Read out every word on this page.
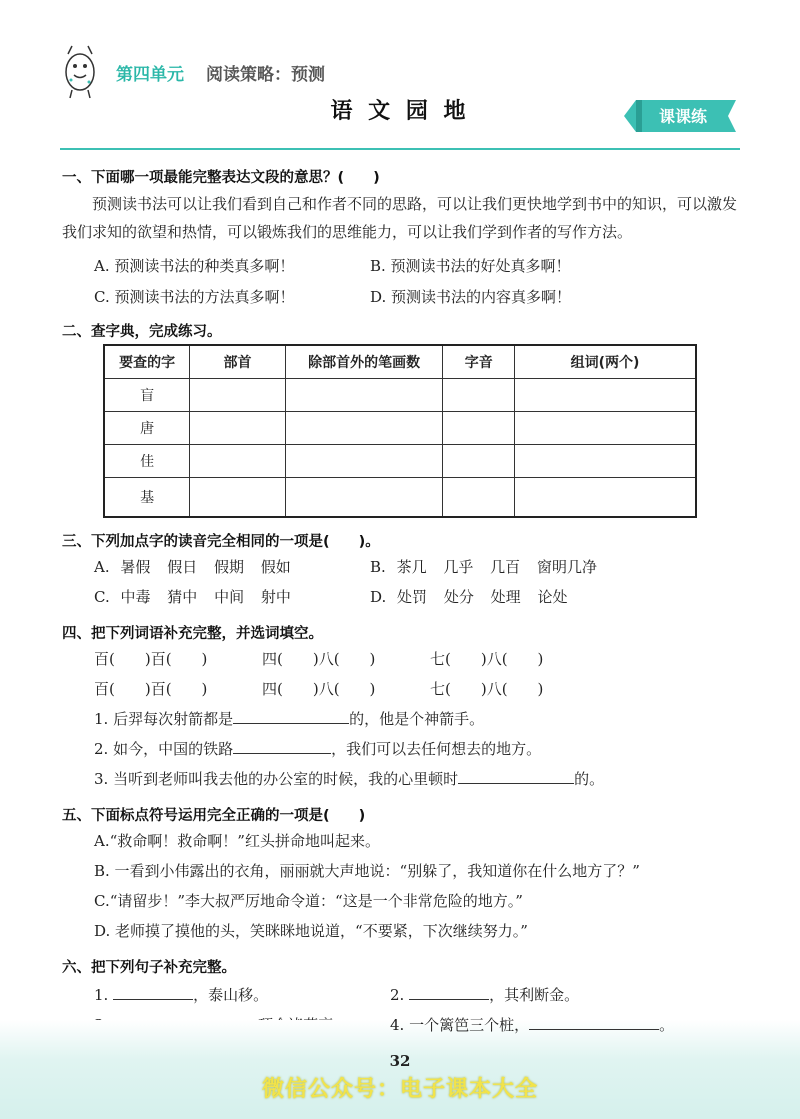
第四单元 阅读策略：预测
语 文 园 地	课课练
一、下面哪一项最能完整表达文段的意思？(　　)
预测读书法可以让我们看到自己和作者不同的思路，可以让我们更快地学到书中的知识，可以激发我们求知的欲望和热情，可以锻炼我们的思维能力，可以让我们学到作者的写作方法。
A. 预测读书法的种类真多啊！	B. 预测读书法的好处真多啊！
C. 预测读书法的方法真多啊！	D. 预测读书法的内容真多啊！
二、查字典，完成练习。
要查的字	部首	除部首外的笔画数	字音	组词(两个)
盲				
唐				
佳				
基				
三、下列加点字的读音完全相同的一项是(　　)。
A. 暑假 假日 假期 假如	B. 茶几 几乎 几百 窗明几净
C. 中毒 猜中 中间 射中	D. 处罚 处分 处理 论处
四、把下列词语补充完整，并选词填空。
百(　　)百(　　)	四(　　)八(　　)	七(　　)八(　　)
百(　　)百(　　)	四(　　)八(　　)	七(　　)八(　　)
1. 后羿每次射箭都是	的，他是个神箭手。
2. 如今，中国的铁路	，我们可以去任何想去的地方。
3. 当听到老师叫我去他的办公室的时候，我的心里顿时	的。
五、下面标点符号运用完全正确的一项是(　　)
A.“救命啊！救命啊！”红头拼命地叫起来。
B. 一看到小伟露出的衣角，丽丽就大声地说：“别躲了，我知道你在什么地方了？”
C.“请留步！”李大叔严厉地命令道：“这是一个非常危险的地方。”
D. 老师摸了摸他的头，笑眯眯地说道，“不要紧，下次继续努力。”
六、把下列句子补充完整。
1.	，泰山移。	2.	，其利断金。
4. 一个篱笆三个桩，	。
32
微信公众号：电子课本大全
